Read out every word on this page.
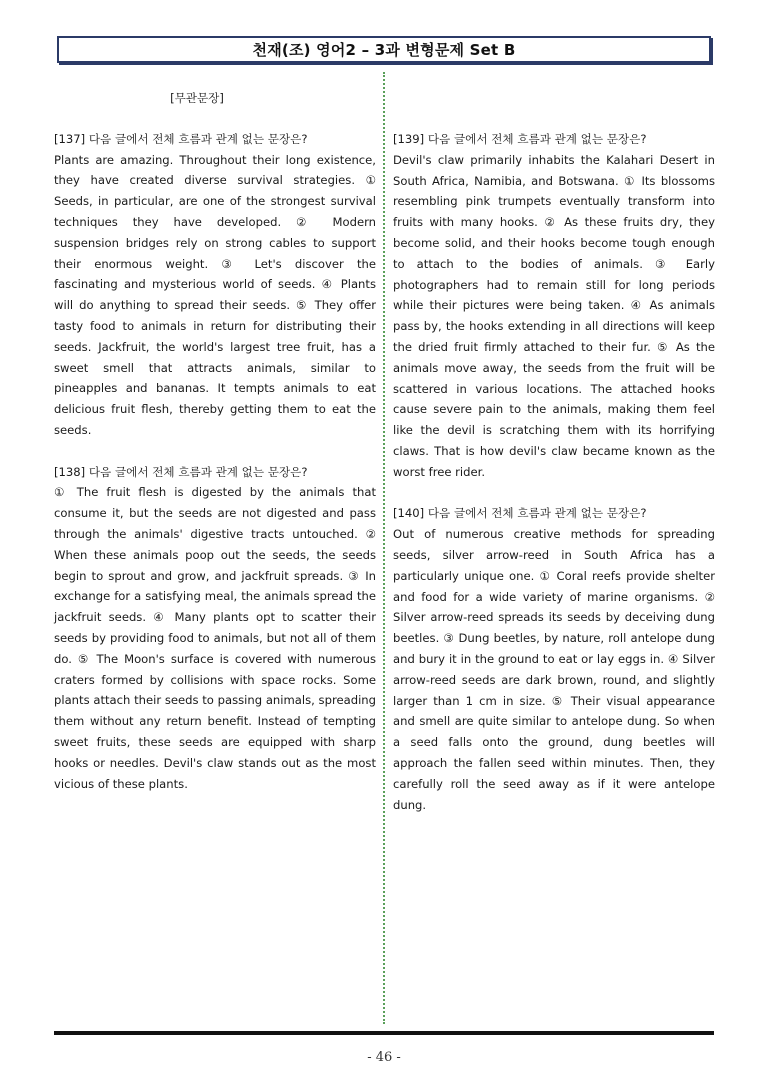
천재(조) 영어2 – 3과 변형문제 Set B
[무관문장]

[137] 다음 글에서 전체 흐름과 관계 없는 문장은?

Plants are amazing. Throughout their long existence, they have created diverse survival strategies. ① Seeds, in particular, are one of the strongest survival techniques they have developed. ② Modern suspension bridges rely on strong cables to support their enormous weight. ③ Let's discover the fascinating and mysterious world of seeds. ④ Plants will do anything to spread their seeds. ⑤ They offer tasty food to animals in return for distributing their seeds. Jackfruit, the world's largest tree fruit, has a sweet smell that attracts animals, similar to pineapples and bananas. It tempts animals to eat delicious fruit flesh, thereby getting them to eat the seeds.

[138] 다음 글에서 전체 흐름과 관계 없는 문장은?

① The fruit flesh is digested by the animals that consume it, but the seeds are not digested and pass through the animals' digestive tracts untouched. ② When these animals poop out the seeds, the seeds begin to sprout and grow, and jackfruit spreads. ③ In exchange for a satisfying meal, the animals spread the jackfruit seeds. ④ Many plants opt to scatter their seeds by providing food to animals, but not all of them do. ⑤ The Moon's surface is covered with numerous craters formed by collisions with space rocks. Some plants attach their seeds to passing animals, spreading them without any return benefit. Instead of tempting sweet fruits, these seeds are equipped with sharp hooks or needles. Devil's claw stands out as the most vicious of these plants.

[139] 다음 글에서 전체 흐름과 관계 없는 문장은?

Devil's claw primarily inhabits the Kalahari Desert in South Africa, Namibia, and Botswana. ① Its blossoms resembling pink trumpets eventually transform into fruits with many hooks. ② As these fruits dry, they become solid, and their hooks become tough enough to attach to the bodies of animals. ③ Early photographers had to remain still for long periods while their pictures were being taken. ④ As animals pass by, the hooks extending in all directions will keep the dried fruit firmly attached to their fur. ⑤ As the animals move away, the seeds from the fruit will be scattered in various locations. The attached hooks cause severe pain to the animals, making them feel like the devil is scratching them with its horrifying claws. That is how devil's claw became known as the worst free rider.

[140] 다음 글에서 전체 흐름과 관계 없는 문장은?

Out of numerous creative methods for spreading seeds, silver arrow-reed in South Africa has a particularly unique one. ① Coral reefs provide shelter and food for a wide variety of marine organisms. ② Silver arrow-reed spreads its seeds by deceiving dung beetles. ③ Dung beetles, by nature, roll antelope dung and bury it in the ground to eat or lay eggs in. ④ Silver arrow-reed seeds are dark brown, round, and slightly larger than 1 cm in size. ⑤ Their visual appearance and smell are quite similar to antelope dung. So when a seed falls onto the ground, dung beetles will approach the fallen seed within minutes. Then, they carefully roll the seed away as if it were antelope dung.

- 46 -
